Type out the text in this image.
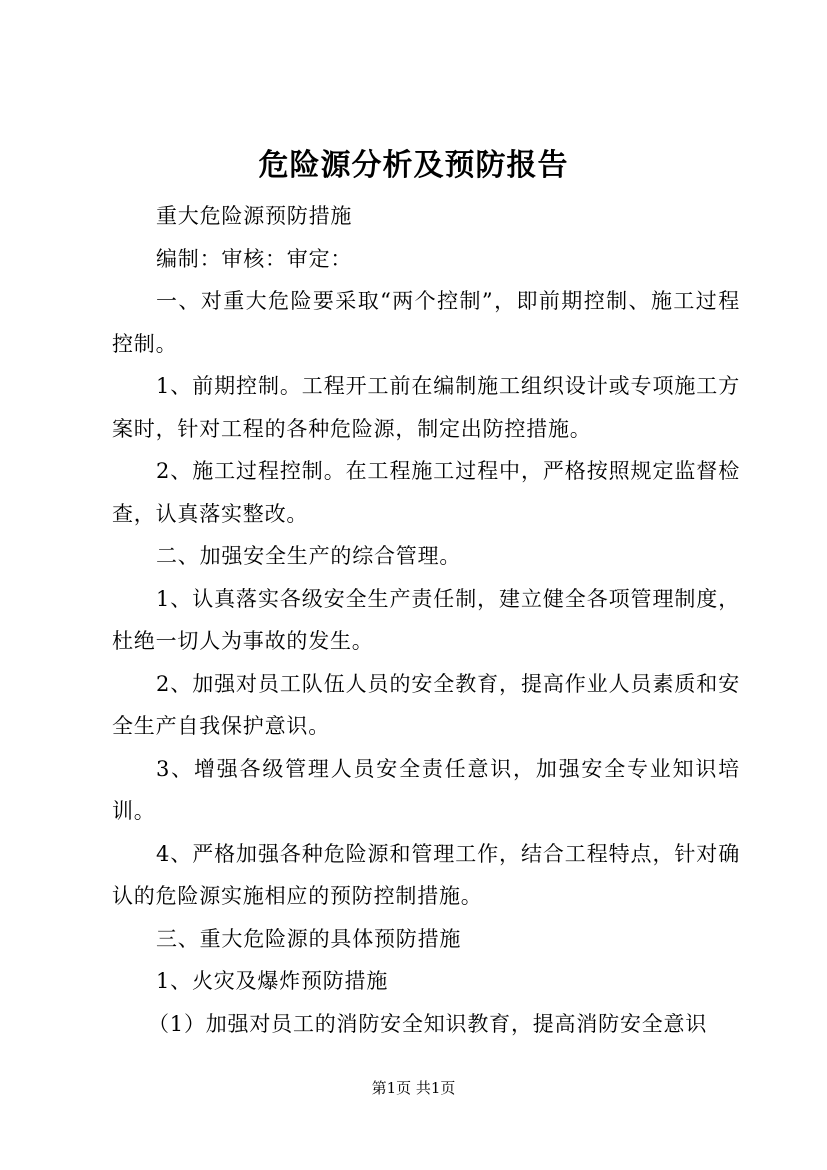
危险源分析及预防报告

重大危险源预防措施

编制：审核：审定：

一、对重大危险要采取“两个控制”，即前期控制、施工过程控制。

1、前期控制。工程开工前在编制施工组织设计或专项施工方案时，针对工程的各种危险源，制定出防控措施。

2、施工过程控制。在工程施工过程中，严格按照规定监督检查，认真落实整改。

二、加强安全生产的综合管理。

1、认真落实各级安全生产责任制，建立健全各项管理制度，杜绝一切人为事故的发生。

2、加强对员工队伍人员的安全教育，提高作业人员素质和安全生产自我保护意识。

3、增强各级管理人员安全责任意识，加强安全专业知识培训。

4、严格加强各种危险源和管理工作，结合工程特点，针对确认的危险源实施相应的预防控制措施。

三、重大危险源的具体预防措施

1、火灾及爆炸预防措施

（1）加强对员工的消防安全知识教育，提高消防安全意识

第1页 共1页
